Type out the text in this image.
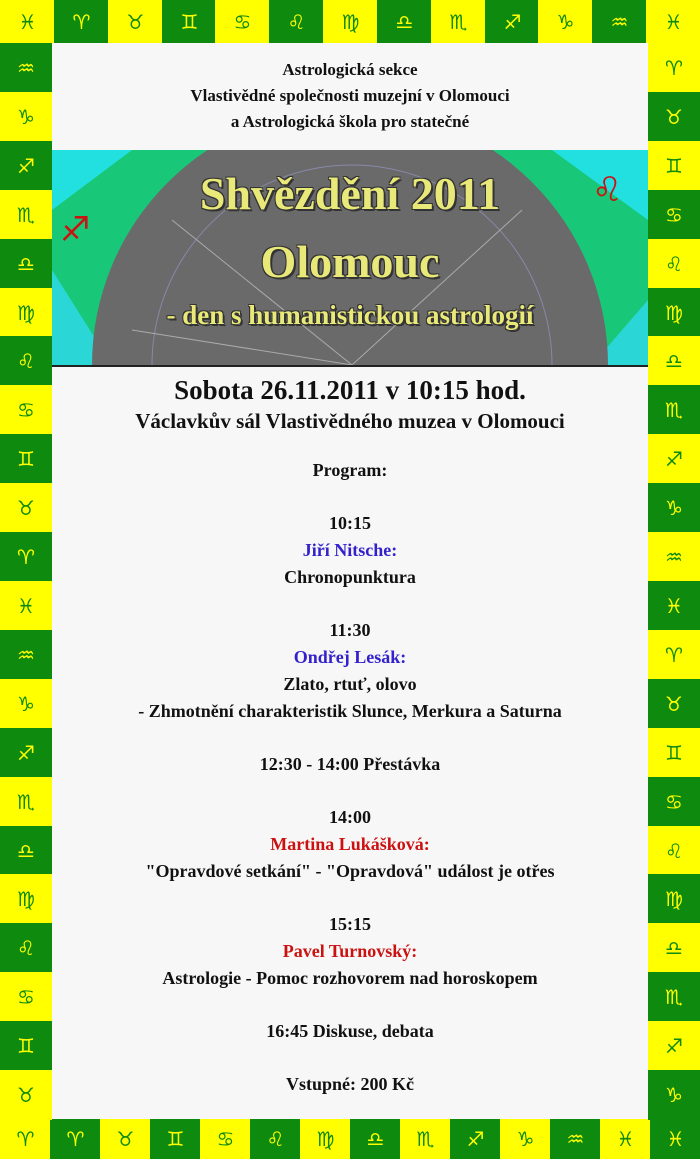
♓	♈	♉	♊	♋	♌	♍	♎	♏	♐	♑	♒	♓
♈	♈	♉	♊	♋	♌	♍	♎	♏	♐	♑	♒	♓	♓
♒
♑
♐
♏
♎
♍
♌
♋
♊
♉
♈
♓
♒
♑
♐
♏
♎
♍
♌
♋
♊
♉
♈
♉
♊
♋
♌
♍
♎
♏
♐
♑
♒
♓
♈
♉
♊
♋
♌
♍
♎
♏
♐
♑
Astrologická sekce
Vlastivědné společnosti muzejní v Olomouci
a Astrologická škola pro statečné
♐
♌
Shvězdění 2011
Olomouc
- den s humanistickou astrologií

Sobota 26.11.2011 v 10:15 hod.

Václavkův sál Vlastivědného muzea v Olomouci

Program:

10:15

Jiří Nitsche:

Chronopunktura

11:30

Ondřej Lesák:

Zlato, rtuť, olovo

- Zhmotnění charakteristik Slunce, Merkura a Saturna

12:30 - 14:00 Přestávka

14:00

Martina Lukášková:

"Opravdové setkání" - "Opravdová" událost je otřes

15:15

Pavel Turnovský:

Astrologie - Pomoc rozhovorem nad horoskopem

16:45 Diskuse, debata

Vstupné: 200 Kč
